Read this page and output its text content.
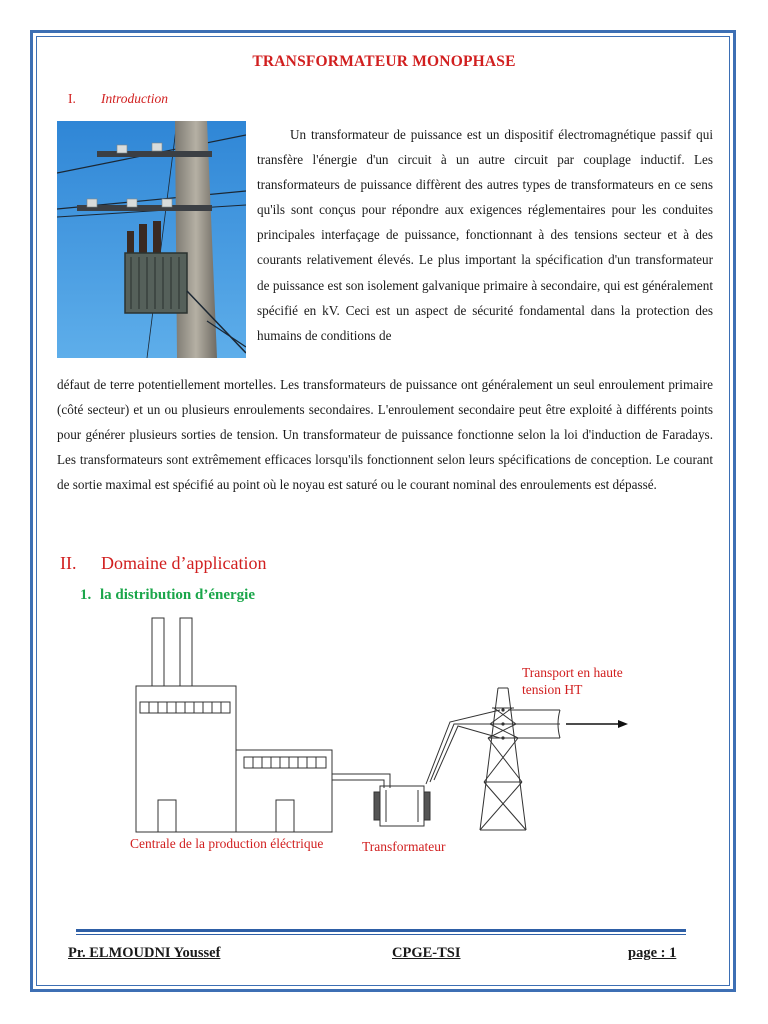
TRANSFORMATEUR MONOPHASE
I. Introduction
Un transformateur de puissance est un dispositif électromagnétique passif qui transfère l'énergie d'un circuit à un autre circuit par couplage inductif. Les transformateurs de puissance diffèrent des autres types de transformateurs en ce sens qu'ils sont conçus pour répondre aux exigences réglementaires pour les conduites principales interfaçage de puissance, fonctionnant à des tensions secteur et à des courants relativement élevés. Le plus important la spécification d'un transformateur de puissance est son isolement galvanique primaire à secondaire, qui est généralement spécifié en kV. Ceci est un aspect de sécurité fondamental dans la protection des humains de conditions de
défaut de terre potentiellement mortelles. Les transformateurs de puissance ont généralement un seul enroulement primaire (côté secteur) et un ou plusieurs enroulements secondaires. L'enroulement secondaire peut être exploité à différents points pour générer plusieurs sorties de tension. Un transformateur de puissance fonctionne selon la loi d'induction de Faradays. Les transformateurs sont extrêmement efficaces lorsqu'ils fonctionnent selon leurs spécifications de conception. Le courant de sortie maximal est spécifié au point où le noyau est saturé ou le courant nominal des enroulements est dépassé.
II. Domaine d’application
1. la distribution d’énergie
Centrale de la production éléctrique	Transformateur
Transport en haute
tension HT
Pr. ELMOUDNI Youssef	CPGE-TSI	page : 1
